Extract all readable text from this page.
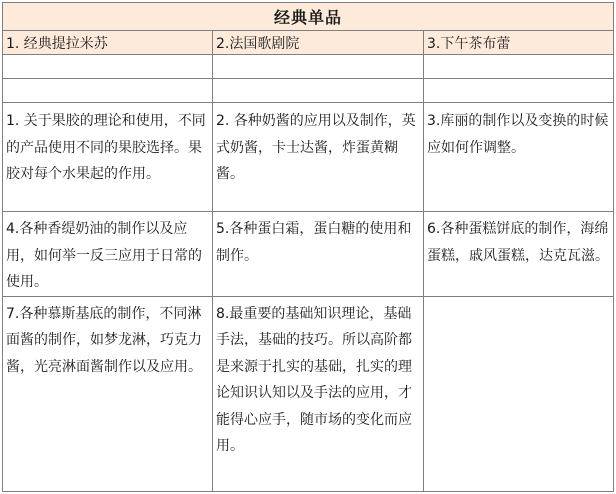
经典单品		
1. 经典提拉米苏	2.法国歌剧院	3.下午茶布蕾

1. 关于果胶的理论和使用，不同的产品使用不同的果胶选择。果胶对每个水果起的作用。	2. 各种奶酱的应用以及制作，英式奶酱，卡士达酱，炸蛋黄糊酱。	3.库丽的制作以及变换的时候应如何作调整。

4.各种香缇奶油的制作以及应用，如何举一反三应用于日常的使用。	5.各种蛋白霜，蛋白糖的使用和制作。	6.各种蛋糕饼底的制作，海绵蛋糕，戚风蛋糕，达克瓦滋。

7.各种慕斯基底的制作，不同淋面酱的制作，如梦龙淋，巧克力酱，光亮淋面酱制作以及应用。	8.最重要的基础知识理论，基础手法，基础的技巧。所以高阶都是来源于扎实的基础，扎实的理论知识认知以及手法的应用，才能得心应手，随市场的变化而应用。	
